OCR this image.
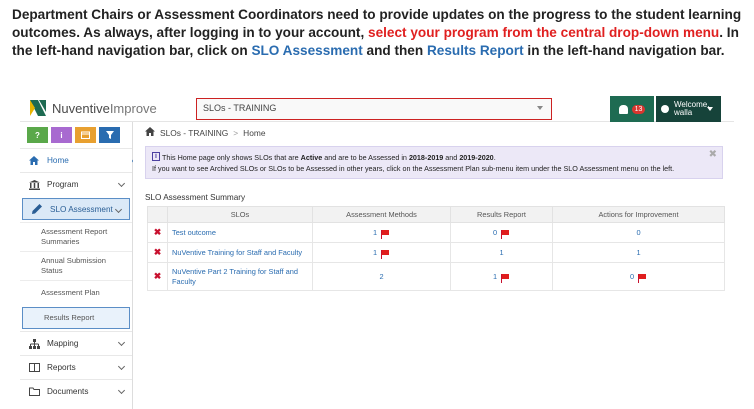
Department Chairs or Assessment Coordinators need to provide updates on the progress to the student learning outcomes. As always, after logging in to your account, select your program from the central drop-down menu. In the left-hand navigation bar, click on SLO Assessment and then Results Report in the left-hand navigation bar.
NuventiveImprove	SLOs - TRAINING	13	Welcome,
walla
?	i
Home
Program
SLO Assessment
Assessment Report Summaries
Annual Submission Status
Assessment Plan
Results Report
Mapping
Reports
Documents
SLOs - TRAINING > Home
i This Home page only shows SLOs that are Active and are to be Assessed in 2018-2019 and 2019-2020.
If you want to see Archived SLOs or SLOs to be Assessed in other years, click on the Assessment Plan sub-menu item under the SLO Assessment menu on the left.
✖
SLO Assessment Summary
	SLOs	Assessment Methods	Results Report	Actions for Improvement
✖	Test outcome	1	0	0
✖	NuVentive Training for Staff and Faculty	1	1	1
✖	NuVentive Part 2 Training for Staff and Faculty	2	1	0
